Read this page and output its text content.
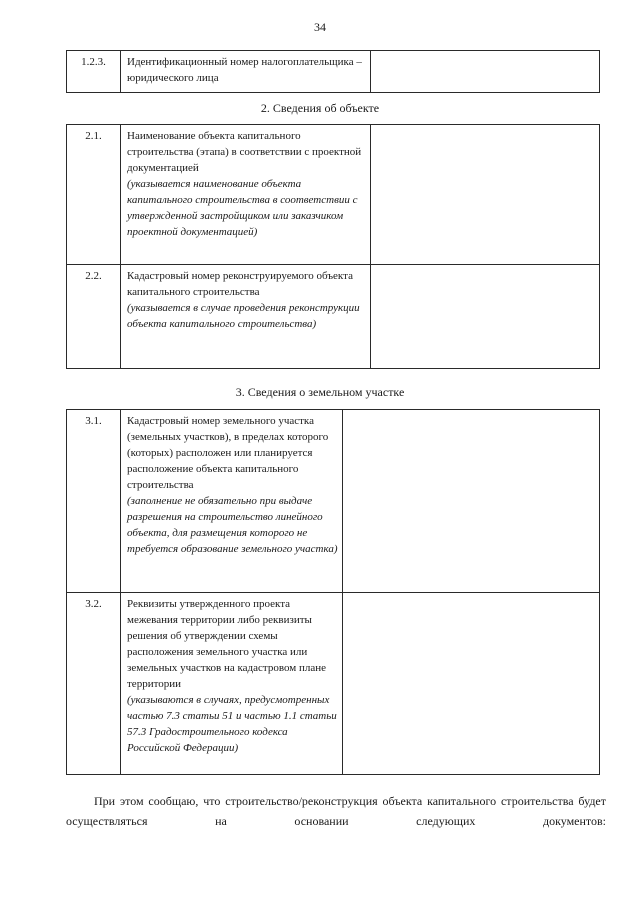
34
1.2.3.	Идентификационный номер налогоплательщика – юридического лица

2. Сведения об объекте
2.1.	Наименование объекта капитального строительства (этапа) в соответствии с проектной документацией
(указывается наименование объекта капитального строительства в соответствии с утвержденной застройщиком или заказчиком проектной документацией)	

2.2.	Кадастровый номер реконструируемого объекта капитального строительства
(указывается в случае проведения реконструкции объекта капитального строительства)	

3. Сведения о земельном участке
3.1.	Кадастровый номер земельного участка (земельных участков), в пределах которого (которых) расположен или планируется расположение объекта капитального строительства
(заполнение не обязательно при выдаче разрешения на строительство линейного объекта, для размещения которого не требуется образование земельного участка)	

3.2.	Реквизиты утвержденного проекта межевания территории либо реквизиты решения об утверждении схемы расположения земельного участка или земельных участков на кадастровом плане территории
(указываются в случаях, предусмотренных частью 7.3 статьи 51 и частью 1.1 статьи 57.3 Градостроительного кодекса Российской Федерации)	

При этом сообщаю, что строительство/реконструкция объекта капитального строительства будет осуществляться на основании следующих документов:
